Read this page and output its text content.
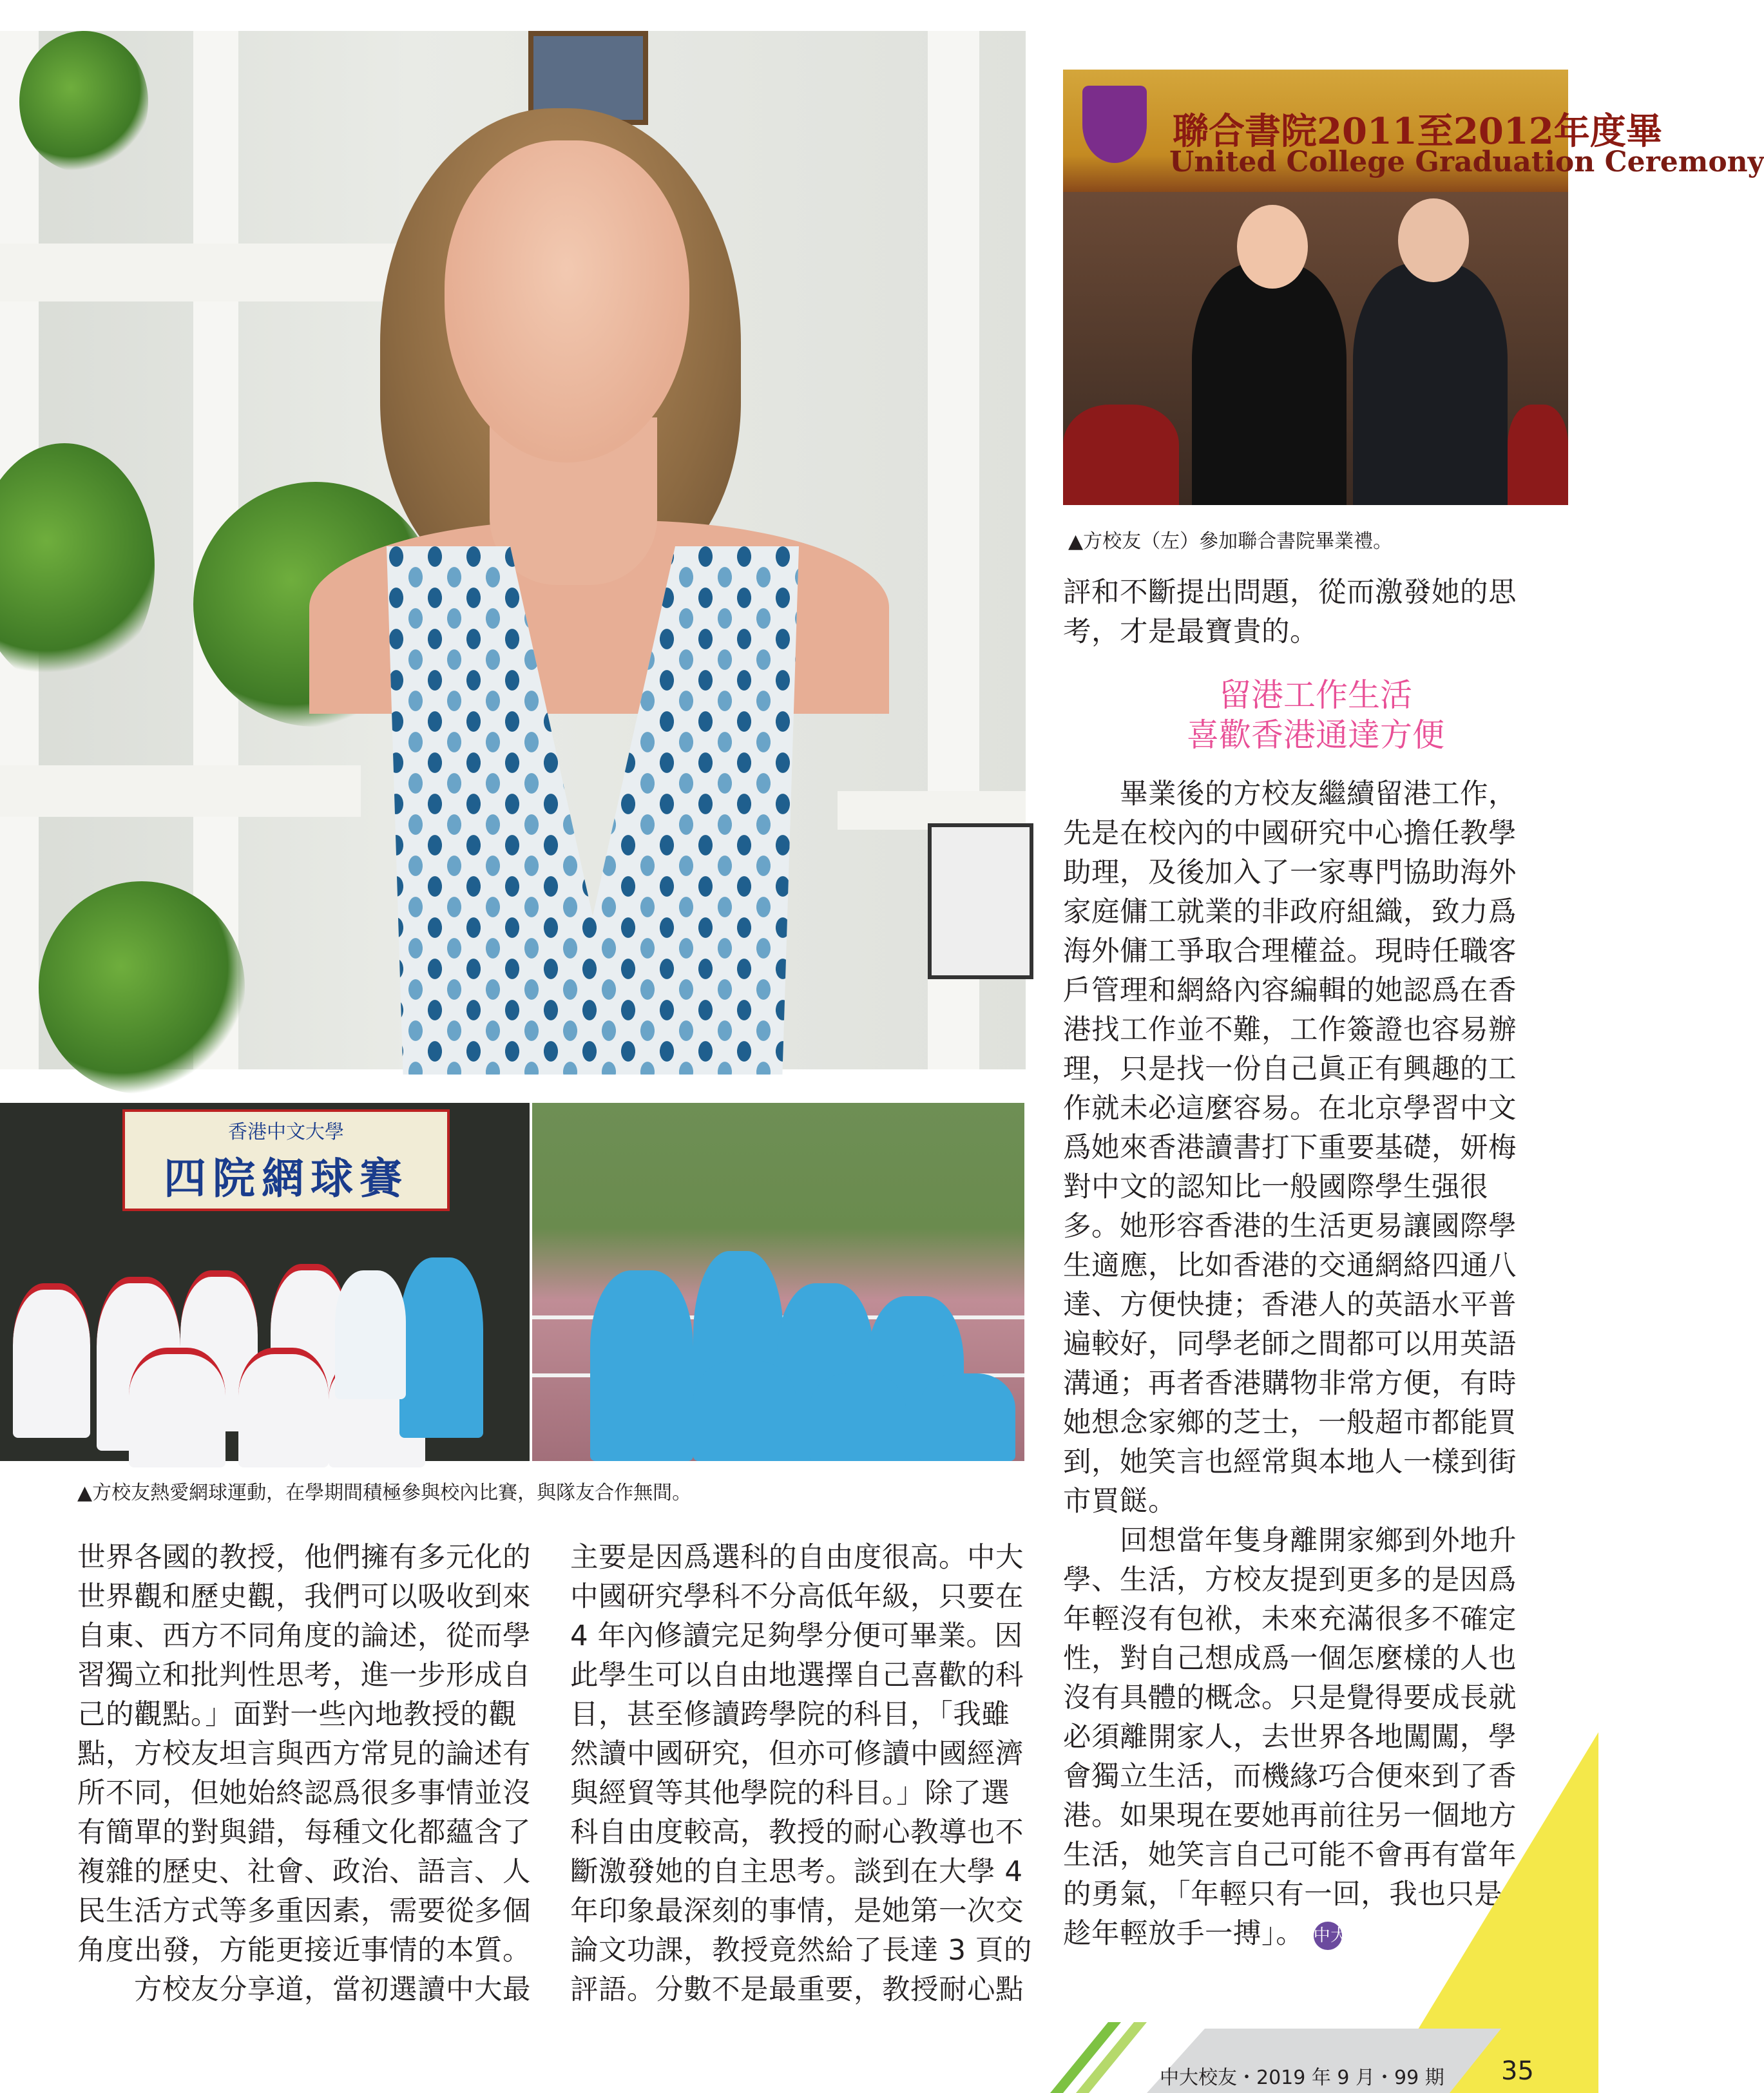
聯合書院2011至2012年度畢
United College Graduation Ceremony
▲方校友（左）參加聯合書院畢業禮。
香港中文大學
四院網球賽
▲方校友熱愛網球運動，在學期間積極參與校內比賽，與隊友合作無間。
世界各國的教授，他們擁有多元化的
世界觀和歷史觀，我們可以吸收到來
自東、西方不同角度的論述，從而學
習獨立和批判性思考，進一步形成自
己的觀點。」面對一些內地教授的觀
點，方校友坦言與西方常見的論述有
所不同，但她始終認爲很多事情並沒
有簡單的對與錯，每種文化都蘊含了
複雜的歷史、社會、政治、語言、人
民生活方式等多重因素，需要從多個
角度出發，方能更接近事情的本質。
　　方校友分享道，當初選讀中大最
主要是因爲選科的自由度很高。中大
中國研究學科不分高低年級，只要在
4 年內修讀完足夠學分便可畢業。因
此學生可以自由地選擇自己喜歡的科
目，甚至修讀跨學院的科目，「我雖
然讀中國研究，但亦可修讀中國經濟
與經貿等其他學院的科目。」除了選
科自由度較高，教授的耐心教導也不
斷激發她的自主思考。談到在大學 4
年印象最深刻的事情，是她第一次交
論文功課，教授竟然給了長達 3 頁的
評語。分數不是最重要，教授耐心點
評和不斷提出問題，從而激發她的思
考，才是最寶貴的。
留港工作生活
喜歡香港通達方便
　　畢業後的方校友繼續留港工作，
先是在校內的中國研究中心擔任教學
助理，及後加入了一家專門協助海外
家庭傭工就業的非政府組織，致力爲
海外傭工爭取合理權益。現時任職客
戶管理和網絡內容編輯的她認爲在香
港找工作並不難，工作簽證也容易辦
理，只是找一份自己眞正有興趣的工
作就未必這麼容易。在北京學習中文
爲她來香港讀書打下重要基礎，妍梅
對中文的認知比一般國際學生强很
多。她形容香港的生活更易讓國際學
生適應，比如香港的交通網絡四通八
達、方便快捷；香港人的英語水平普
遍較好，同學老師之間都可以用英語
溝通；再者香港購物非常方便，有時
她想念家鄉的芝士，一般超市都能買
到，她笑言也經常與本地人一樣到街
市買餸。
　　回想當年隻身離開家鄉到外地升
學、生活，方校友提到更多的是因爲
年輕沒有包袱，未來充滿很多不確定
性，對自己想成爲一個怎麼樣的人也
沒有具體的概念。只是覺得要成長就
必須離開家人，去世界各地闖闖，學
會獨立生活，而機緣巧合便來到了香
港。如果現在要她再前往另一個地方
生活，她笑言自己可能不會再有當年
的勇氣，「年輕只有一回，我也只是
趁年輕放手一搏」。 中大
中大校友・2019 年 9 月・99 期 35
